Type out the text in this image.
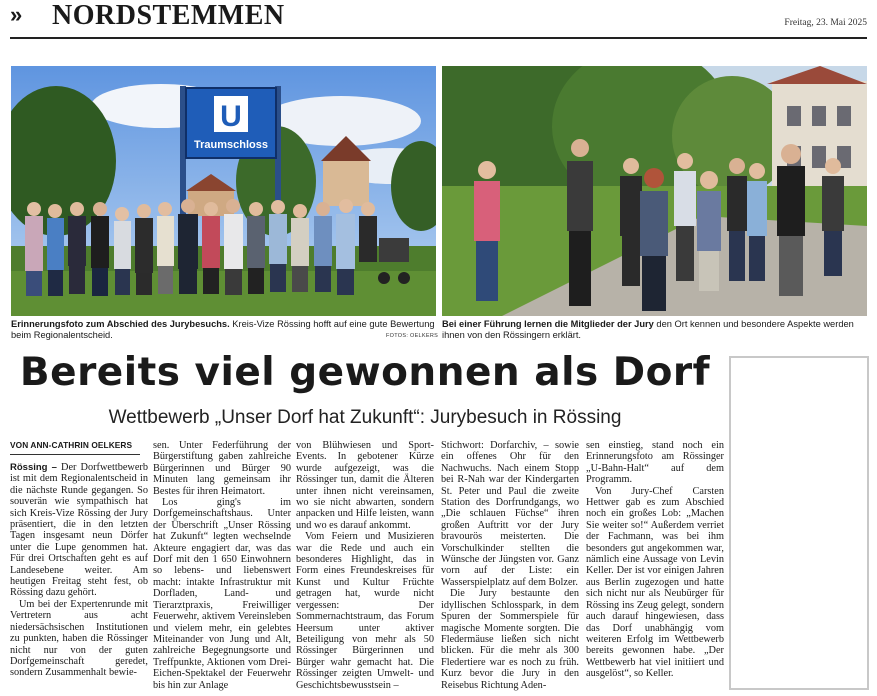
» NORDSTEMMEN	Freitag, 23. Mai 2025
U
Traumschloss
Erinnerungsfoto zum Abschied des Jurybesuchs. Kreis-Vize Rössing hofft auf eine gute Bewertung beim Regionalentscheid.	FOTOS: OELKERS
Bei einer Führung lernen die Mitglieder der Jury den Ort kennen und besondere Aspekte werden ihnen von den Rössingern erklärt.
Bereits viel gewonnen als Dorf
Wettbewerb „Unser Dorf hat Zukunft“: Jurybesuch in Rössing
VON ANN-CATHRIN OELKERS

Rössing – Der Dorfwettbewerb ist mit dem Regionalentscheid in die nächste Runde gegangen. So souverän wie sympathisch hat sich Kreis-Vize Rössing der Jury präsentiert, die in den letzten Tagen insgesamt neun Dörfer unter die Lupe genommen hat. Für drei Ortschaften geht es auf Landesebene weiter. Am heutigen Freitag steht fest, ob Rössing dazu gehört.

Um bei der Expertenrunde mit Vertretern aus acht niedersächsischen Institutionen zu punkten, haben die Rössinger nicht nur von der guten Dorfgemeinschaft geredet, sondern Zusammenhalt bewie-

sen. Unter Federführung der Bürgerstiftung gaben zahlreiche Bürgerinnen und Bürger 90 Minuten lang gemeinsam ihr Bestes für ihren Heimatort.

Los ging's im Dorfgemeinschaftshaus. Unter der Überschrift „Unser Rössing hat Zukunft“ legten wechselnde Akteure engagiert dar, was das Dorf mit den 1 650 Einwohnern so lebens- und liebenswert macht: intakte Infrastruktur mit Dorfladen, Land- und Tierarztpraxis, Freiwilliger Feuerwehr, aktivem Vereinsleben und vielem mehr, ein gelebtes Miteinander von Jung und Alt, zahlreiche Begegnungsorte und Treffpunkte, Aktionen vom Drei-Eichen-Spektakel der Feuerwehr bis hin zur Anlage

von Blühwiesen und Sport-Events. In gebotener Kürze wurde aufgezeigt, was die Rössinger tun, damit die Älteren unter ihnen nicht vereinsamen, wo sie nicht abwarten, sondern anpacken und Hilfe leisten, wann und wo es darauf ankommt.

Vom Feiern und Musizieren war die Rede und auch ein besonderes Highlight, das in Form eines Freundeskreises für Kunst und Kultur Früchte getragen hat, wurde nicht vergessen: Der Sommernachtstraum, das Forum Heersum unter aktiver Beteiligung von mehr als 50 Rössinger Bürgerinnen und Bürger wahr gemacht hat. Die Rössinger zeigten Umwelt- und Geschichtsbewusstsein –

Stichwort: Dorfarchiv, – sowie ein offenes Ohr für den Nachwuchs. Nach einem Stopp bei R-Nah war der Kindergarten St. Peter und Paul die zweite Station des Dorfrundgangs, wo „Die schlauen Füchse“ ihren großen Auftritt vor der Jury bravourös meisterten. Die Vorschulkinder stellten die Wünsche der Jüngsten vor. Ganz vorn auf der Liste: ein Wasserspielplatz auf dem Bolzer.

Die Jury bestaunte den idyllischen Schlosspark, in dem Spuren der Sommerspiele für magische Momente sorgten. Die Fledermäuse ließen sich nicht blicken. Für die mehr als 300 Fledertiere war es noch zu früh. Kurz bevor die Jury in den Reisebus Richtung Aden-

sen einstieg, stand noch ein Erinnerungsfoto am Rössinger „U-Bahn-Halt“ auf dem Programm.

Von Jury-Chef Carsten Hettwer gab es zum Abschied noch ein großes Lob: „Machen Sie weiter so!“ Außerdem verriet der Fachmann, was bei ihm besonders gut angekommen war, nämlich eine Aussage von Levin Keller. Der ist vor einigen Jahren aus Berlin zugezogen und hatte sich nicht nur als Neubürger für Rössing ins Zeug gelegt, sondern auch darauf hingewiesen, dass das Dorf unabhängig vom weiteren Erfolg im Wettbewerb bereits gewonnen habe. „Der Wettbewerb hat viel initiiert und ausgelöst“, so Keller.
